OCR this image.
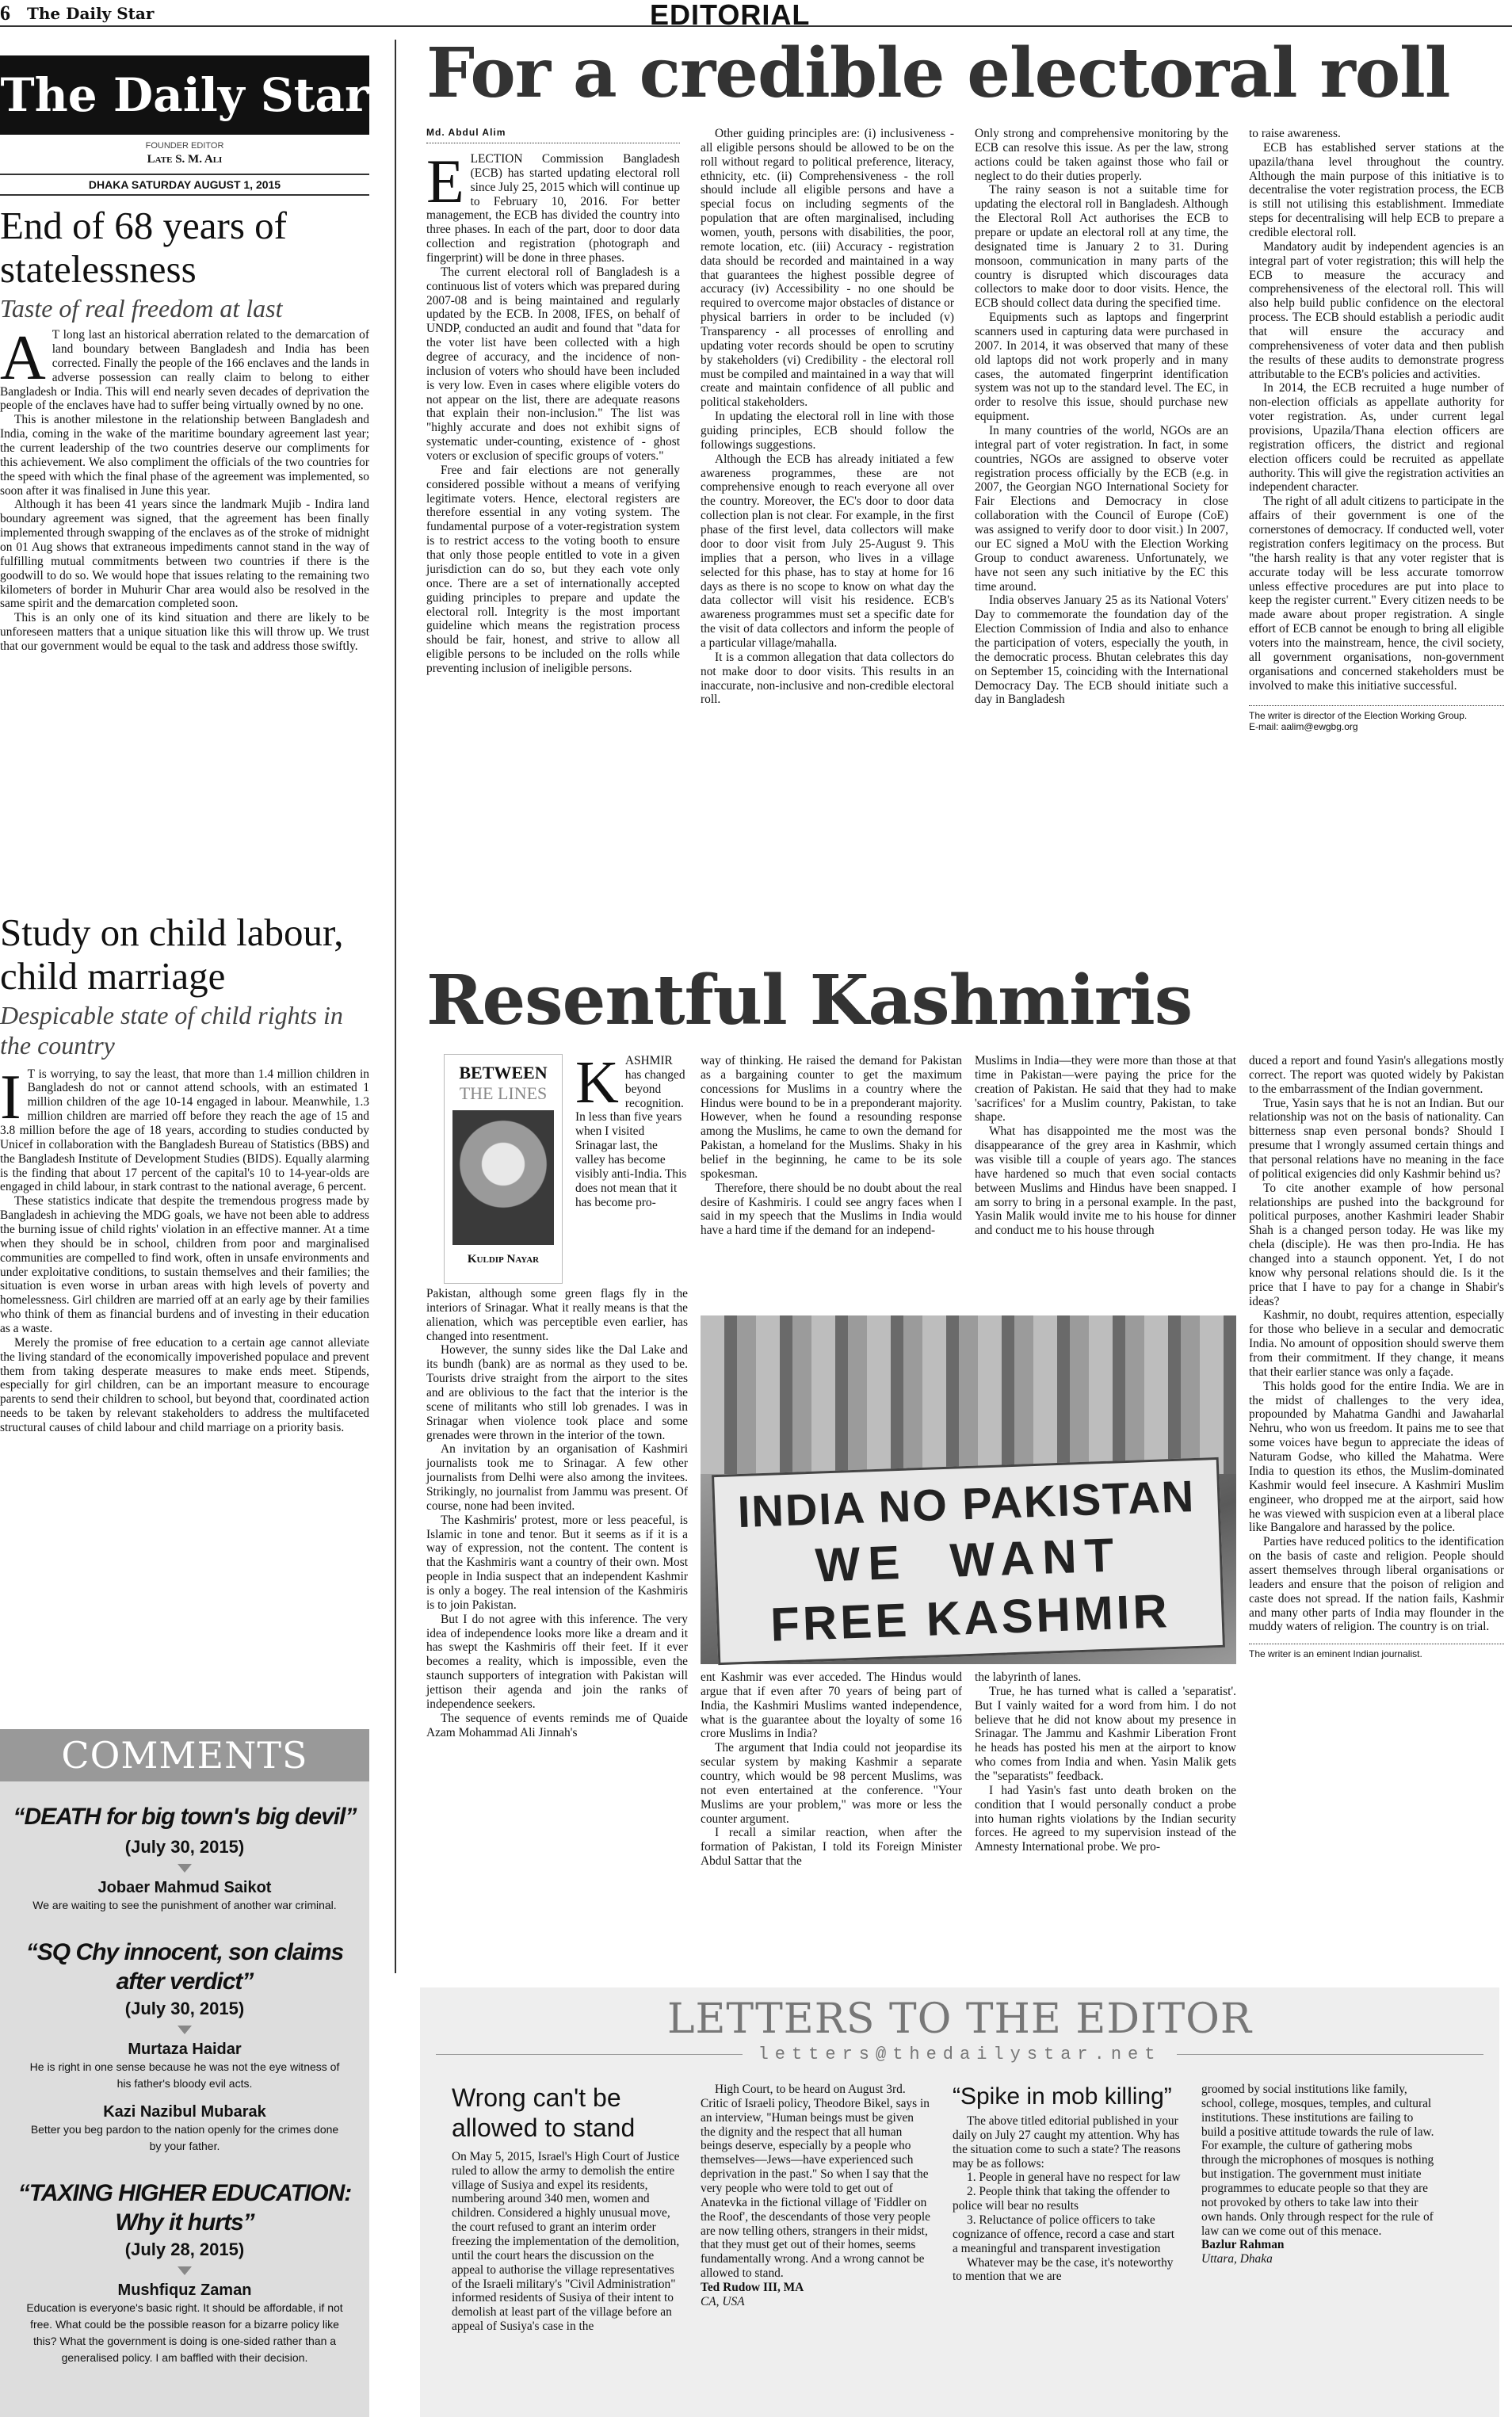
6 The Daily Star	EDITORIAL
The Daily Star
FOUNDER EDITOR
Late S. M. Ali
DHAKA SATURDAY AUGUST 1, 2015
End of 68 years of statelessness
Taste of real freedom at last

A T long last an historical aberration related to the demarcation of land boundary between Bangladesh and India has been corrected. Finally the people of the 166 enclaves and the lands in adverse possession can really claim to belong to either Bangladesh or India. This will end nearly seven decades of deprivation the people of the enclaves have had to suffer being virtually owned by no one.

This is another milestone in the relationship between Bangladesh and India, coming in the wake of the maritime boundary agreement last year; the current leadership of the two countries deserve our compliments for this achievement. We also compliment the officials of the two countries for the speed with which the final phase of the agreement was implemented, so soon after it was finalised in June this year.

Although it has been 41 years since the landmark Mujib - Indira land boundary agreement was signed, that the agreement has been finally implemented through swapping of the enclaves as of the stroke of midnight on 01 Aug shows that extraneous impediments cannot stand in the way of fulfilling mutual commitments between two countries if there is the goodwill to do so. We would hope that issues relating to the remaining two kilometers of border in Muhurir Char area would also be resolved in the same spirit and the demarcation completed soon.

This is an only one of its kind situation and there are likely to be unforeseen matters that a unique situation like this will throw up. We trust that our government would be equal to the task and address those swiftly.

Study on child labour, child marriage
Despicable state of child rights in the country

I T is worrying, to say the least, that more than 1.4 million children in Bangladesh do not or cannot attend schools, with an estimated 1 million children of the age 10-14 engaged in labour. Meanwhile, 1.3 million children are married off before they reach the age of 15 and 3.8 million before the age of 18 years, according to studies conducted by Unicef in collaboration with the Bangladesh Bureau of Statistics (BBS) and the Bangladesh Institute of Development Studies (BIDS). Equally alarming is the finding that about 17 percent of the capital's 10 to 14-year-olds are engaged in child labour, in stark contrast to the national average, 6 percent.

These statistics indicate that despite the tremendous progress made by Bangladesh in achieving the MDG goals, we have not been able to address the burning issue of child rights' violation in an effective manner. At a time when they should be in school, children from poor and marginalised communities are compelled to find work, often in unsafe environments and under exploitative conditions, to sustain themselves and their families; the situation is even worse in urban areas with high levels of poverty and homelessness. Girl children are married off at an early age by their families who think of them as financial burdens and of investing in their education as a waste.

Merely the promise of free education to a certain age cannot alleviate the living standard of the economically impoverished populace and prevent them from taking desperate measures to make ends meet. Stipends, especially for girl children, can be an important measure to encourage parents to send their children to school, but beyond that, coordinated action needs to be taken by relevant stakeholders to address the multifaceted structural causes of child labour and child marriage on a priority basis.

COMMENTS
“DEATH for big town's big devil”
(July 30, 2015)
Jobaer Mahmud Saikot
We are waiting to see the punishment of another war criminal.
“SQ Chy innocent, son claims after verdict”
(July 30, 2015)
Murtaza Haidar
He is right in one sense because he was not the eye witness of his father's bloody evil acts.
Kazi Nazibul Mubarak
Better you beg pardon to the nation openly for the crimes done by your father.
“TAXING HIGHER EDUCATION: Why it hurts”
(July 28, 2015)
Mushfiquz Zaman
Education is everyone's basic right. It should be affordable, if not free. What could be the possible reason for a bizarre policy like this? What the government is doing is one-sided rather than a generalised policy. I am baffled with their decision.
For a credible electoral roll
Md. Abdul Alim

ELECTION Commission Bangladesh (ECB) has started updating electoral roll since July 25, 2015 which will continue up to February 10, 2016. For better management, the ECB has divided the country into three phases. In each of the part, door to door data collection and registration (photograph and fingerprint) will be done in three phases.

The current electoral roll of Bangladesh is a continuous list of voters which was prepared during 2007-08 and is being maintained and regularly updated by the ECB. In 2008, IFES, on behalf of UNDP, conducted an audit and found that "data for the voter list have been collected with a high degree of accuracy, and the incidence of non-inclusion of voters who should have been included is very low. Even in cases where eligible voters do not appear on the list, there are adequate reasons that explain their non-inclusion." The list was "highly accurate and does not exhibit signs of systematic under-counting, existence of - ghost voters or exclusion of specific groups of voters."

Free and fair elections are not generally considered possible without a means of verifying legitimate voters. Hence, electoral registers are therefore essential in any voting system. The fundamental purpose of a voter-registration system is to restrict access to the voting booth to ensure that only those people entitled to vote in a given jurisdiction can do so, but they each vote only once. There are a set of internationally accepted guiding principles to prepare and update the electoral roll. Integrity is the most important guideline which means the registration process should be fair, honest, and strive to allow all eligible persons to be included on the rolls while preventing inclusion of ineligible persons.

Other guiding principles are: (i) inclusiveness - all eligible persons should be allowed to be on the roll without regard to political preference, literacy, ethnicity, etc. (ii) Comprehensiveness - the roll should include all eligible persons and have a special focus on including segments of the population that are often marginalised, including women, youth, persons with disabilities, the poor, remote location, etc. (iii) Accuracy - registration data should be recorded and maintained in a way that guarantees the highest possible degree of accuracy (iv) Accessibility - no one should be required to overcome major obstacles of distance or physical barriers in order to be included (v) Transparency - all processes of enrolling and updating voter records should be open to scrutiny by stakeholders (vi) Credibility - the electoral roll must be compiled and maintained in a way that will create and maintain confidence of all public and political stakeholders.

In updating the electoral roll in line with those guiding principles, ECB should follow the followings suggestions.

Although the ECB has already initiated a few awareness programmes, these are not comprehensive enough to reach everyone all over the country. Moreover, the EC's door to door data collection plan is not clear. For example, in the first phase of the first level, data collectors will make door to door visit from July 25-August 9. This implies that a person, who lives in a village selected for this phase, has to stay at home for 16 days as there is no scope to know on what day the data collector will visit his residence. ECB's awareness programmes must set a specific date for the visit of data collectors and inform the people of a particular village/mahalla.

It is a common allegation that data collectors do not make door to door visits. This results in an inaccurate, non-inclusive and non-credible electoral roll.

Only strong and comprehensive monitoring by the ECB can resolve this issue. As per the law, strong actions could be taken against those who fail or neglect to do their duties properly.

The rainy season is not a suitable time for updating the electoral roll in Bangladesh. Although the Electoral Roll Act authorises the ECB to prepare or update an electoral roll at any time, the designated time is January 2 to 31. During monsoon, communication in many parts of the country is disrupted which discourages data collectors to make door to door visits. Hence, the ECB should collect data during the specified time.

Equipments such as laptops and fingerprint scanners used in capturing data were purchased in 2007. In 2014, it was observed that many of these old laptops did not work properly and in many cases, the automated fingerprint identification system was not up to the standard level. The EC, in order to resolve this issue, should purchase new equipment.

In many countries of the world, NGOs are an integral part of voter registration. In fact, in some countries, NGOs are assigned to observe voter registration process officially by the ECB (e.g. in 2007, the Georgian NGO International Society for Fair Elections and Democracy in close collaboration with the Council of Europe (CoE) was assigned to verify door to door visit.) In 2007, our EC signed a MoU with the Election Working Group to conduct awareness. Unfortunately, we have not seen any such initiative by the EC this time around.

India observes January 25 as its National Voters' Day to commemorate the foundation day of the Election Commission of India and also to enhance the participation of voters, especially the youth, in the democratic process. Bhutan celebrates this day on September 15, coinciding with the International Democracy Day. The ECB should initiate such a day in Bangladesh

to raise awareness.

ECB has established server stations at the upazila/thana level throughout the country. Although the main purpose of this initiative is to decentralise the voter registration process, the ECB is still not utilising this establishment. Immediate steps for decentralising will help ECB to prepare a credible electoral roll.

Mandatory audit by independent agencies is an integral part of voter registration; this will help the ECB to measure the accuracy and comprehensiveness of the electoral roll. This will also help build public confidence on the electoral process. The ECB should establish a periodic audit that will ensure the accuracy and comprehensiveness of voter data and then publish the results of these audits to demonstrate progress attributable to the ECB's policies and activities.

In 2014, the ECB recruited a huge number of non-election officials as appellate authority for voter registration. As, under current legal provisions, Upazila/Thana election officers are registration officers, the district and regional election officers could be recruited as appellate authority. This will give the registration activities an independent character.

The right of all adult citizens to participate in the affairs of their government is one of the cornerstones of democracy. If conducted well, voter registration confers legitimacy on the process. But "the harsh reality is that any voter register that is accurate today will be less accurate tomorrow unless effective procedures are put into place to keep the register current." Every citizen needs to be made aware about proper registration. A single effort of ECB cannot be enough to bring all eligible voters into the mainstream, hence, the civil society, all government organisations, non-government organisations and concerned stakeholders must be involved to make this initiative successful.

The writer is director of the Election Working Group.
E-mail: aalim@ewgbg.org
Resentful Kashmiris
BETWEEN
THE LINES
Kuldip Nayar

KASHMIR has changed beyond recognition. In less than five years when I visited Srinagar last, the valley has become visibly anti-India. This does not mean that it has become pro-

Pakistan, although some green flags fly in the interiors of Srinagar. What it really means is that the alienation, which was perceptible even earlier, has changed into resentment.

However, the sunny sides like the Dal Lake and its bundh (bank) are as normal as they used to be. Tourists drive straight from the airport to the sites and are oblivious to the fact that the interior is the scene of militants who still lob grenades. I was in Srinagar when violence took place and some grenades were thrown in the interior of the town.

An invitation by an organisation of Kashmiri journalists took me to Srinagar. A few other journalists from Delhi were also among the invitees. Strikingly, no journalist from Jammu was present. Of course, none had been invited.

The Kashmiris' protest, more or less peaceful, is Islamic in tone and tenor. But it seems as if it is a way of expression, not the content. The content is that the Kashmiris want a country of their own. Most people in India suspect that an independent Kashmir is only a bogey. The real intension of the Kashmiris is to join Pakistan.

But I do not agree with this inference. The very idea of independence looks more like a dream and it has swept the Kashmiris off their feet. If it ever becomes a reality, which is impossible, even the staunch supporters of integration with Pakistan will jettison their agenda and join the ranks of independence seekers.

The sequence of events reminds me of Quaide Azam Mohammad Ali Jinnah's

way of thinking. He raised the demand for Pakistan as a bargaining counter to get the maximum concessions for Muslims in a country where the Hindus were bound to be in a preponderant majority. However, when he found a resounding response among the Muslims, he came to own the demand for Pakistan, a homeland for the Muslims. Shaky in his belief in the beginning, he came to be its sole spokesman.

Therefore, there should be no doubt about the real desire of Kashmiris. I could see angry faces when I said in my speech that the Muslims in India would have a hard time if the demand for an independ-

Muslims in India—they were more than those at that time in Pakistan—were paying the price for the creation of Pakistan. He said that they had to make 'sacrifices' for a Muslim country, Pakistan, to take shape.

What has disappointed me the most was the disappearance of the grey area in Kashmir, which was visible till a couple of years ago. The stances have hardened so much that even social contacts between Muslims and Hindus have been snapped. I am sorry to bring in a personal example. In the past, Yasin Malik would invite me to his house for dinner and conduct me to his house through

INDIA NO PAKISTAN
WE  WANT
FREE KASHMIR

ent Kashmir was ever acceded. The Hindus would argue that if even after 70 years of being part of India, the Kashmiri Muslims wanted independence, what is the guarantee about the loyalty of some 16 crore Muslims in India?

The argument that India could not jeopardise its secular system by making Kashmir a separate country, which would be 98 percent Muslims, was not even entertained at the conference. "Your Muslims are your problem," was more or less the counter argument.

I recall a similar reaction, when after the formation of Pakistan, I told its Foreign Minister Abdul Sattar that the

the labyrinth of lanes.

True, he has turned what is called a 'separatist'. But I vainly waited for a word from him. I do not believe that he did not know about my presence in Srinagar. The Jammu and Kashmir Liberation Front he heads has posted his men at the airport to know who comes from India and when. Yasin Malik gets the "separatists" feedback.

I had Yasin's fast unto death broken on the condition that I would personally conduct a probe into human rights violations by the Indian security forces. He agreed to my supervision instead of the Amnesty International probe. We pro-

duced a report and found Yasin's allegations mostly correct. The report was quoted widely by Pakistan to the embarrassment of the Indian government.

True, Yasin says that he is not an Indian. But our relationship was not on the basis of nationality. Can bitterness snap even personal bonds? Should I presume that I wrongly assumed certain things and that personal relations have no meaning in the face of political exigencies did only Kashmir behind us?

To cite another example of how personal relationships are pushed into the background for political purposes, another Kashmiri leader Shabir Shah is a changed person today. He was like my chela (disciple). He was then pro-India. He has changed into a staunch opponent. Yet, I do not know why personal relations should die. Is it the price that I have to pay for a change in Shabir's ideas?

Kashmir, no doubt, requires attention, especially for those who believe in a secular and democratic India. No amount of opposition should swerve them from their commitment. If they change, it means that their earlier stance was only a façade.

This holds good for the entire India. We are in the midst of challenges to the very idea, propounded by Mahatma Gandhi and Jawaharlal Nehru, who won us freedom. It pains me to see that some voices have begun to appreciate the ideas of Naturam Godse, who killed the Mahatma. Were India to question its ethos, the Muslim-dominated Kashmir would feel insecure. A Kashmiri Muslim engineer, who dropped me at the airport, said how he was viewed with suspicion even at a liberal place like Bangalore and harassed by the police.

Parties have reduced politics to the identification on the basis of caste and religion. People should assert themselves through liberal organisations or leaders and ensure that the poison of religion and caste does not spread. If the nation fails, Kashmir and many other parts of India may flounder in the muddy waters of religion. The country is on trial.

The writer is an eminent Indian journalist.
LETTERS TO THE EDITOR
letters@thedailystar.net
Wrong can't be allowed to stand

On May 5, 2015, Israel's High Court of Justice ruled to allow the army to demolish the entire village of Susiya and expel its residents, numbering around 340 men, women and children. Considered a highly unusual move, the court refused to grant an interim order freezing the implementation of the demolition, until the court hears the discussion on the appeal to authorise the village representatives of the Israeli military's "Civil Administration" informed residents of Susiya of their intent to demolish at least part of the village before an appeal of Susiya's case in the

High Court, to be heard on August 3rd. Critic of Israeli policy, Theodore Bikel, says in an interview, "Human beings must be given the dignity and the respect that all human beings deserve, especially by a people who themselves—Jews—have experienced such deprivation in the past." So when I say that the very people who were told to get out of Anatevka in the fictional village of 'Fiddler on the Roof', the descendants of those very people are now telling others, strangers in their midst, that they must get out of their homes, seems fundamentally wrong. And a wrong cannot be allowed to stand.

Ted Rudow III, MA
CA, USA
“Spike in mob killing”

The above titled editorial published in your daily on July 27 caught my attention. Why has the situation come to such a state? The reasons may be as follows:

1. People in general have no respect for law

2. People think that taking the offender to police will bear no results

3. Reluctance of police officers to take cognizance of offence, record a case and start a meaningful and transparent investigation

Whatever may be the case, it's noteworthy to mention that we are

groomed by social institutions like family, school, college, mosques, temples, and cultural institutions. These institutions are failing to build a positive attitude towards the rule of law. For example, the culture of gathering mobs through the microphones of mosques is nothing but instigation. The government must initiate programmes to educate people so that they are not provoked by others to take law into their own hands. Only through respect for the rule of law can we come out of this menace.

Bazlur Rahman
Uttara, Dhaka
